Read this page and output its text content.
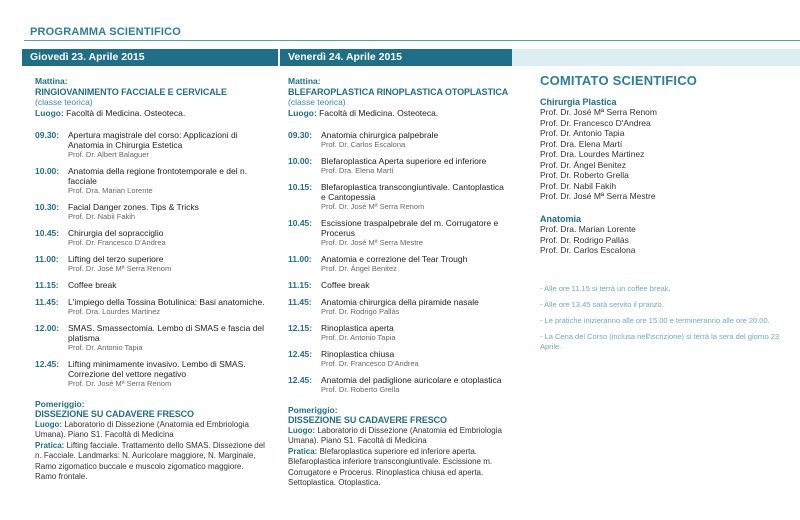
PROGRAMMA SCIENTIFICO
Giovedì 23. Aprile 2015	Venerdì 24. Aprile 2015
Mattina:
RINGIOVANIMENTO FACCIALE E CERVICALE
(classe teorica)
Luogo: Facoltà di Medicina. Osteoteca.
09.30:	Apertura magistrale del corso: Applicazioni di Anatomia in Chirurgia Estetica
Prof. Dr. Albert Balaguer
10.00:	Anatomia della regione frontotemporale e del n. facciale
Prof. Dra. Marian Lorente
10.30:	Facial Danger zones. Tips & Tricks
Prof. Dr. Nabil Fakih
10.45:	Chirurgia del sopracciglio
Prof. Dr. Francesco D'Andrea
11.00:	Lifting del terzo superiore
Prof. Dr. José Mª Serra Renom
11.15:	Coffee break
11.45:	L'impiego della Tossina Botulinica: Basi anatomiche.
Prof. Dra. Lourdes Martinez
12.00:	SMAS. Smassectomia. Lembo di SMAS e fascia del platisma
Prof. Dr. Antonio Tapia
12.45:	Lifting minimamente invasivo. Lembo di SMAS. Correzione del vettore negativo
Prof. Dr. José Mª Serra Renom
Pomeriggio:
DISSEZIONE SU CADAVERE FRESCO
Luogo: Laboratorio di Dissezione (Anatomia ed Embriologia Umana). Piano S1. Facoltà di Medicina
Pratica: Lifting facciale. Trattamento dello SMAS. Dissezione del n. Facciale. Landmarks: N. Auricolare maggiore, N. Marginale, Ramo zigomatico buccale e muscolo zigomatico maggiore. Ramo frontale.
Mattina:
BLEFAROPLASTICA RINOPLASTICA OTOPLASTICA
(classe teorica)
Luogo: Facoltà di Medicina. Osteoteca.
09.30:	Anatomia chirurgica palpebrale
Prof. Dr. Carlos Escalona
10.00:	Blefaroplastica Aperta superiore ed inferiore
Prof. Dra. Elena Martí
10.15:	Blefaroplastica transcongiuntivale. Cantoplastica e Cantopessia
Prof. Dr. José Mª Serra Renom
10.45:	Escissione traspalpebrale del m. Corrugatore e Procerus
Prof. Dr. José Mª Serra Mestre
11.00:	Anatomia e correzione del Tear Trough
Prof. Dr. Ángel Benitez
11.15:	Coffee break
11.45:	Anatomia chirurgica della piramide nasale
Prof. Dr. Rodrigo Pallás
12.15:	Rinoplastica aperta
Prof. Dr. Antonio Tapia
12.45:	Rinoplastica chiusa
Prof. Dr. Francesco D'Andrea
12.45:	Anatomia del padiglione auricolare e otoplastica
Prof. Dr. Roberto Grella
Pomeriggio:
DISSEZIONE SU CADAVERE FRESCO
Luogo: Laboratorio di Dissezione (Anatomia ed Embriologia Umana). Piano S1. Facoltà di Medicina
Pratica: Blefaroplastica superiore ed inferiore aperta. Blefaroplastica inferiore transcongiuntivale. Escissione m. Corrugatore e Procerus. Rinoplastica chiusa ed aperta. Settoplastica. Otoplastica.
COMITATO SCIENTIFICO
Chirurgia Plastica
Prof. Dr. José Mª Serra Renom
Prof. Dr. Francesco D'Andrea
Prof. Dr. Antonio Tapia
Prof. Dra. Elena Martí
Prof. Dra. Lourdes Martinez
Prof. Dr. Ángel Benitez
Prof. Dr. Roberto Grella
Prof. Dr. Nabil Fakih
Prof. Dr. José Mª Serra Mestre
Anatomia
Prof. Dra. Marian Lorente
Prof. Dr. Rodrigo Pallás
Prof. Dr. Carlos Escalona
- Alle ore 11.15 si terrà un coffee break.
- Alle ore 13.45 sarà servito il pranzo.
- Le pratiche inizieranno alle ore 15.00 e termineranno alle ore 20.00.
- La Cena del Corso (inclusa nell'iscrizione) si terrà la sera del giorno 23 Aprile.
